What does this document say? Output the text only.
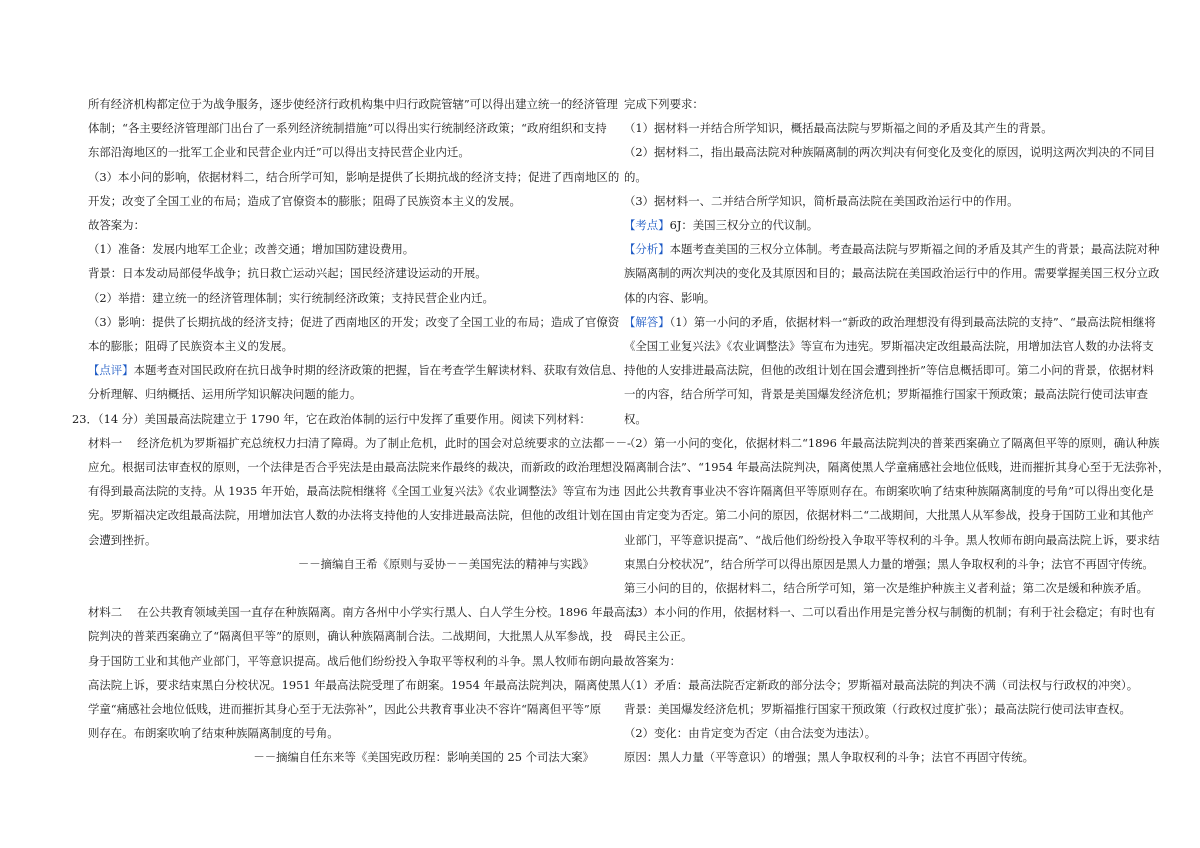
所有经济机构都定位于为战争服务，逐步使经济行政机构集中归行政院管辖”可以得出建立统一的经济管理

体制；“各主要经济管理部门出台了一系列经济统制措施”可以得出实行统制经济政策；“政府组织和支持

东部沿海地区的一批军工企业和民营企业内迁”可以得出支持民营企业内迁。

（3）本小问的影响，依据材料二，结合所学可知，影响是提供了长期抗战的经济支持；促进了西南地区的

开发；改变了全国工业的布局；造成了官僚资本的膨胀；阻碍了民族资本主义的发展。

故答案为：

（1）准备：发展内地军工企业；改善交通；增加国防建设费用。

背景：日本发动局部侵华战争；抗日救亡运动兴起；国民经济建设运动的开展。

（2）举措：建立统一的经济管理体制；实行统制经济政策；支持民营企业内迁。

（3）影响：提供了长期抗战的经济支持；促进了西南地区的开发；改变了全国工业的布局；造成了官僚资

本的膨胀；阻碍了民族资本主义的发展。

【点评】本题考查对国民政府在抗日战争时期的经济政策的把握，旨在考查学生解读材料、获取有效信息、

分析理解、归纳概括、运用所学知识解决问题的能力。

23．（14 分）美国最高法院建立于 1790 年，它在政治体制的运行中发挥了重要作用。阅读下列材料：

材料一　 经济危机为罗斯福扩充总统权力扫清了障碍。为了制止危机，此时的国会对总统要求的立法都－－-

应允。根据司法审查权的原则，一个法律是否合乎宪法是由最高法院来作最终的裁决，而新政的政治理想没

有得到最高法院的支持。从 1935 年开始，最高法院相继将《全国工业复兴法》《农业调整法》等宣布为违

宪。罗斯福决定改组最高法院，用增加法官人数的办法将支持他的人安排进最高法院，但他的改组计划在国

会遭到挫折。

－－摘编自王希《原则与妥协－－美国宪法的精神与实践》

材料二　 在公共教育领域美国一直存在种族隔离。南方各州中小学实行黑人、白人学生分校。1896 年最高法

院判决的普莱西案确立了“隔离但平等”的原则，确认种族隔离制合法。二战期间，大批黑人从军参战，投

身于国防工业和其他产业部门，平等意识提高。战后他们纷纷投入争取平等权利的斗争。黑人牧师布朗向最

高法院上诉，要求结束黑白分校状况。1951 年最高法院受理了布朗案。1954 年最高法院判决，隔离使黑人

学童“痛感社会地位低贱，进而摧折其身心至于无法弥补”，因此公共教育事业决不容许“隔离但平等”原

则存在。布朗案吹响了结束种族隔离制度的号角。

－－摘编自任东来等《美国宪政历程：影响美国的 25 个司法大案》

完成下列要求：

（1）据材料一并结合所学知识，概括最高法院与罗斯福之间的矛盾及其产生的背景。

（2）据材料二，指出最高法院对种族隔离制的两次判决有何变化及变化的原因，说明这两次判决的不同目

的。

（3）据材料一、二并结合所学知识，简析最高法院在美国政治运行中的作用。

【考点】6J：美国三权分立的代议制。

【分析】本题考查美国的三权分立体制。考查最高法院与罗斯福之间的矛盾及其产生的背景；最高法院对种

族隔离制的两次判决的变化及其原因和目的；最高法院在美国政治运行中的作用。需要掌握美国三权分立政

体的内容、影响。

【解答】（1）第一小问的矛盾，依据材料一“新政的政治理想没有得到最高法院的支持”、“最高法院相继将

《全国工业复兴法》《农业调整法》等宣布为违宪。罗斯福决定改组最高法院，用增加法官人数的办法将支

持他的人安排进最高法院，但他的改组计划在国会遭到挫折”等信息概括即可。第二小问的背景，依据材料

一的内容，结合所学可知，背景是美国爆发经济危机；罗斯福推行国家干预政策；最高法院行使司法审查

权。

（2）第一小问的变化，依据材料二“1896 年最高法院判决的普莱西案确立了隔离但平等的原则，确认种族

隔离制合法”、“1954 年最高法院判决，隔离使黑人学童痛感社会地位低贱，进而摧折其身心至于无法弥补，

因此公共教育事业决不容许隔离但平等原则存在。布朗案吹响了结束种族隔离制度的号角”可以得出变化是

由肯定变为否定。第二小问的原因，依据材料二“二战期间，大批黑人从军参战，投身于国防工业和其他产

业部门，平等意识提高”、“战后他们纷纷投入争取平等权利的斗争。黑人牧师布朗向最高法院上诉，要求结

束黑白分校状况”，结合所学可以得出原因是黑人力量的增强；黑人争取权利的斗争；法官不再固守传统。

第三小问的目的，依据材料二，结合所学可知，第一次是维护种族主义者利益；第二次是缓和种族矛盾。

（3）本小问的作用，依据材料一、二可以看出作用是完善分权与制衡的机制；有利于社会稳定；有时也有

碍民主公正。

故答案为：

（1）矛盾：最高法院否定新政的部分法令；罗斯福对最高法院的判决不满（司法权与行政权的冲突）。

背景：美国爆发经济危机；罗斯福推行国家干预政策（行政权过度扩张）；最高法院行使司法审查权。

（2）变化：由肯定变为否定（由合法变为违法）。

原因：黑人力量（平等意识）的增强；黑人争取权利的斗争；法官不再固守传统。
